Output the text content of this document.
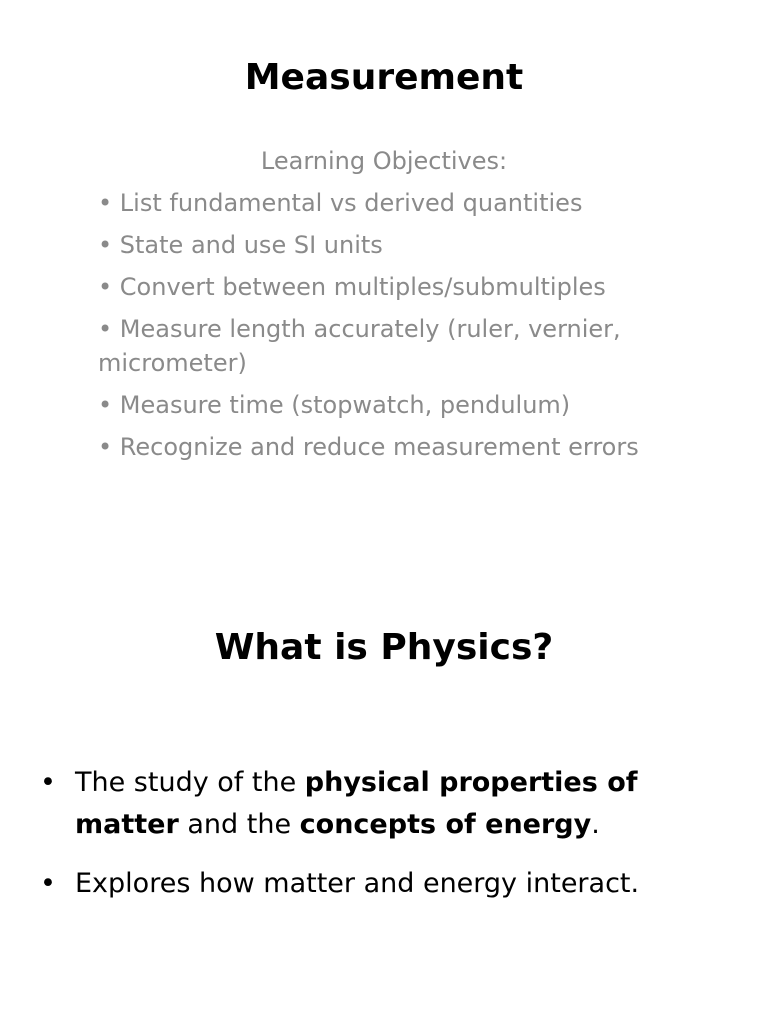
Measurement
Learning Objectives:
• List fundamental vs derived quantities
• State and use SI units
• Convert between multiples/submultiples
• Measure length accurately (ruler, vernier, micrometer)
• Measure time (stopwatch, pendulum)
• Recognize and reduce measurement errors
What is Physics?
• The study of the physical properties of matter and the concepts of energy.
• Explores how matter and energy interact.
